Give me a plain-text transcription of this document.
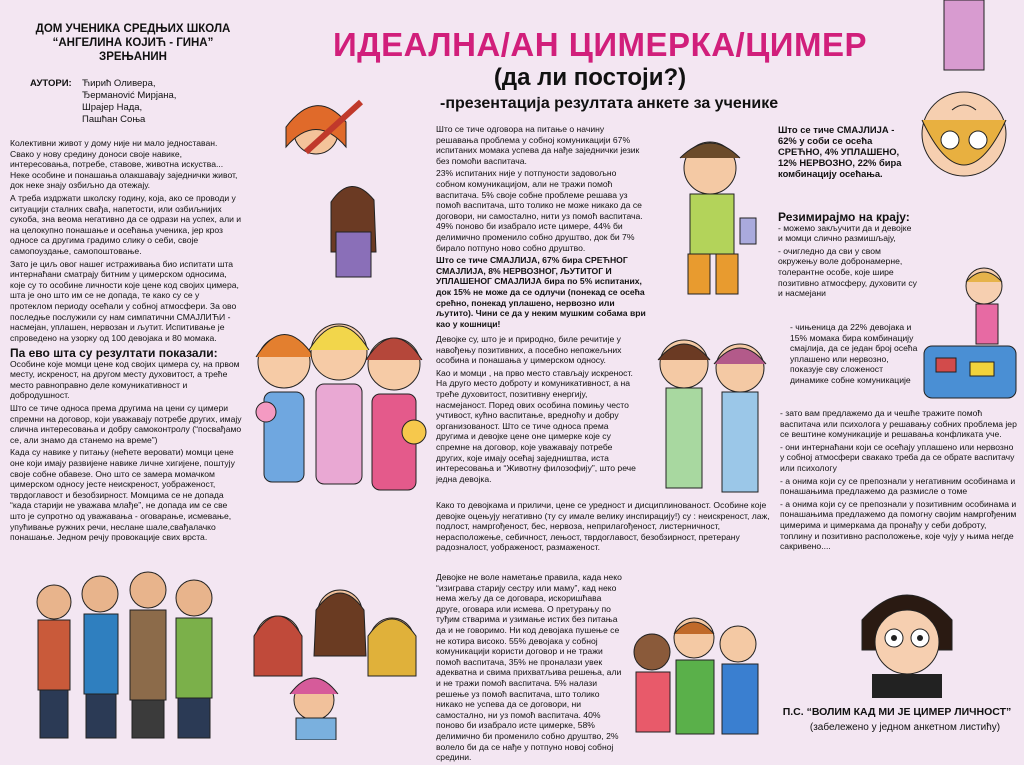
ДОМ УЧЕНИКА СРЕДЊИХ ШКОЛА
“АНГЕЛИНА КОЈИЋ - ГИНА”
ЗРЕЊАНИН
АУТОРИ:	Ћирић Оливера,
Ђерманović Мирјана,
Шрајер Нада,
Пашћан Соња
ИДЕАЛНА/АН ЦИМЕРКА/ЦИМЕР
(да ли постоји?)
-презентација резултата анкете за ученике

Колективни живот у дому није ни мало једноставан. Свако у нову средину доноси своје навике, интересовања, потребе, ставове, животна искуства... Неке особине и понашања олакшавају заједнички живот, док неке знају озбиљно да отежају.

А треба издржати школску годину, која, ако се проводи у ситуацији сталних свађа, напетости, или озбиљнијих сукоба, зна веома негативно да се одрази на успех, али и на целокупно понашање и осећања ученика, јер кроз односе са другима градимо слику о себи, своје самопоуздање, самопоштовање.

Зато је циљ овог нашег истраживања био испитати шта интернаћани сматрају битним у цимерском односима, које су то особине личности које цене код својих цимера, шта је оно што им се не допада, те како су се у протеклом периоду осећали у собној атмосфери. За ово последње послужили су нам симпатични СМАЈЛИЋИ - насмејан, уплашен, нервозан и љутит. Испитивање је спроведено на узорку од 100 девојака и 80 момака.

Па ево шта су резултати показали:

Особине које момци цене код својих цимера су, на првом месту, искреност, на другом месту духовитост, а треће место равноправно деле комуникативност и добродушност.

Што се тиче односа према другима на цени су цимери спремни на договор, који уважавају потребе других, имају слична интересовања и добру самоконтролу (“посвађамо се, али знамо да станемо на време”)

Када су навике у питању (нећете веровати) момци цене оне који имају развијене навике личне хигијене, поштују своје собне обавезе. Оно што се замера момачком цимерском односу јесте неискреност, уображеност, тврдоглавост и безобзирност. Момцима се не допада “када старији не уважава млађе”, не допада им се све што је супротно од уважавања - оговарање, исмевање, упућивање ружних речи, неслане шале,свађалачко понашање. Једном речју провокације свих врста.

Што се тиче одговора на питање о начину решавања проблема у собној комуникацији 67% испитаних момака успева да нађе заједнички језик без помоћи васпитача.

23% испитаних није у потпуности задовољно собном комуникацијом, али не тражи помоћ васпитача. 5% своје собне проблеме решава уз помоћ васпитача, што толико не може никако да се договори, ни самостално, нити уз помоћ васпитача. 49% поново би изабрало исте цимере, 44% би делимично променило собно друштво, док би 7% бирало потпуно ново собно друштво.

Што се тиче СМАЈЛИЈА, 67% бира СРЕЋНОГ СМАЈЛИЈА, 8% НЕРВОЗНОГ, ЉУТИТОГ И УПЛАШЕНОГ СМАЈЛИЈА бира по 5% испитаних, док 15% не може да се одлучи (понекад се осећа срећно, понекад уплашено, нервозно или љутито). Чини се да у неким мушким собама ври као у кошници!

Девојке су, што је и природно, биле речитије у навођењу позитивних, а посебно непожељних особина и понашања у цимерском односу.

Као и момци , на прво место стављају искреност. На друго место доброту и комуникативност, а на треће духовитост, позитивну енергију, насмејаност. Поред ових особина помињу често учтивост, кућно васпитање, вредноћу и добру организованост. Што се тиче односа према другима и девојке цене оне цимерке које су спремне на договор, које уважавају потребе других, које имају осећај заједништва, иста интересовања и “Животну филозофију”, што рече једна девојка.

Како то девојкама и приличи, цене се уредност и дисциплинованост. Особине које девојке оцењују негативно (ту су имале велику инспирацију!) су : неискреност, лаж, подлост, намргођеност, бес, нервоза, неприлагођеност, листерничност, нерасположење, себичност, лењост, тврдоглавост, безобзирност, претерану радозналост, уображеност, размаженост.

Девојке не воле наметање правила, када неко “изиграва старију сестру или маму”, кад неко нема жељу да се договара, искоришћава друге, оговара или исмева. О претурању по туђим стварима и узимање истих без питања да и не говоримо. Ни код девојака пушење се не котира високо. 55% девојака у собној комуникацији користи договор и не тражи помоћ васпитача, 35% не проналази увек адекватна и свима прихватљива решења, али и не тражи помоћ васпитача. 5% налази решење уз помоћ васпитача, што толико никако не успева да се договори, ни самостално, ни уз помоћ васпитача. 40% поново би изабрало исте цимерке, 58% делимично би променило собно друштво, 2% волело би да се нађе у потпуно новој собној средини.

Што се тиче СМАЈЛИЈА - 62% у соби се осећа СРЕЋНО, 4% УПЛАШЕНО, 12% НЕРВОЗНО, 22% бира комбинацију осећања.
Резимирајмо на крају:

- можемо закључити да и девојке и момци слично размишљају,

- очигледно да сви у свом окружењу воле добронамерне, толерантне особе, које шире позитивно атмосферу, духовити су и насмејани

- чињеница да 22% девојака и 15% момака бира комбинацију смајлија, да се један број осећа уплашено или нервозно, показује сву сложеност динамике собне комуникације

- зато вам предлажемо да и чешће тражите помоћ васпитача или психолога у решавању собних проблема јер се вештине комуникације и решавања конфликата уче.

- они интернаћани који се осећају уплашено или нервозно у собној атмосфери свакако треба да се обрате васпитачу или психологу

- а онима који су се препознали у негативним особинама и понашањима предлажемо да размисле о томе

- а онима који су се препознали у позитивним особинама и понашањима предлажемо да помогну својим намргођеним цимерима и цимеркама да пронађу у себи доброту, топлину и позитивно расположење, које чују у њима негде сакривено....

П.С. “ВОЛИМ КАД МИ ЈЕ ЦИМЕР ЛИЧНОСТ”
(забележено у једном анкетном листићу)
